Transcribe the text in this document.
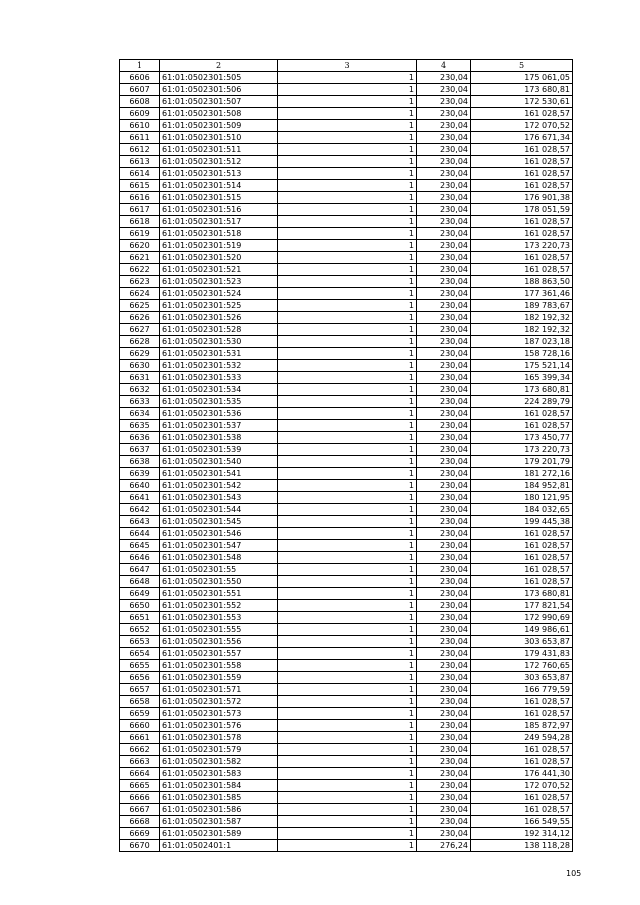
1	2	3	4	5
6606	61:01:0502301:505	1	230,04	175 061,05
6607	61:01:0502301:506	1	230,04	173 680,81
6608	61:01:0502301:507	1	230,04	172 530,61
6609	61:01:0502301:508	1	230,04	161 028,57
6610	61:01:0502301:509	1	230,04	172 070,52
6611	61:01:0502301:510	1	230,04	176 671,34
6612	61:01:0502301:511	1	230,04	161 028,57
6613	61:01:0502301:512	1	230,04	161 028,57
6614	61:01:0502301:513	1	230,04	161 028,57
6615	61:01:0502301:514	1	230,04	161 028,57
6616	61:01:0502301:515	1	230,04	176 901,38
6617	61:01:0502301:516	1	230,04	178 051,59
6618	61:01:0502301:517	1	230,04	161 028,57
6619	61:01:0502301:518	1	230,04	161 028,57
6620	61:01:0502301:519	1	230,04	173 220,73
6621	61:01:0502301:520	1	230,04	161 028,57
6622	61:01:0502301:521	1	230,04	161 028,57
6623	61:01:0502301:523	1	230,04	188 863,50
6624	61:01:0502301:524	1	230,04	177 361,46
6625	61:01:0502301:525	1	230,04	189 783,67
6626	61:01:0502301:526	1	230,04	182 192,32
6627	61:01:0502301:528	1	230,04	182 192,32
6628	61:01:0502301:530	1	230,04	187 023,18
6629	61:01:0502301:531	1	230,04	158 728,16
6630	61:01:0502301:532	1	230,04	175 521,14
6631	61:01:0502301:533	1	230,04	165 399,34
6632	61:01:0502301:534	1	230,04	173 680,81
6633	61:01:0502301:535	1	230,04	224 289,79
6634	61:01:0502301:536	1	230,04	161 028,57
6635	61:01:0502301:537	1	230,04	161 028,57
6636	61:01:0502301:538	1	230,04	173 450,77
6637	61:01:0502301:539	1	230,04	173 220,73
6638	61:01:0502301:540	1	230,04	179 201,79
6639	61:01:0502301:541	1	230,04	181 272,16
6640	61:01:0502301:542	1	230,04	184 952,81
6641	61:01:0502301:543	1	230,04	180 121,95
6642	61:01:0502301:544	1	230,04	184 032,65
6643	61:01:0502301:545	1	230,04	199 445,38
6644	61:01:0502301:546	1	230,04	161 028,57
6645	61:01:0502301:547	1	230,04	161 028,57
6646	61:01:0502301:548	1	230,04	161 028,57
6647	61:01:0502301:55	1	230,04	161 028,57
6648	61:01:0502301:550	1	230,04	161 028,57
6649	61:01:0502301:551	1	230,04	173 680,81
6650	61:01:0502301:552	1	230,04	177 821,54
6651	61:01:0502301:553	1	230,04	172 990,69
6652	61:01:0502301:555	1	230,04	149 986,61
6653	61:01:0502301:556	1	230,04	303 653,87
6654	61:01:0502301:557	1	230,04	179 431,83
6655	61:01:0502301:558	1	230,04	172 760,65
6656	61:01:0502301:559	1	230,04	303 653,87
6657	61:01:0502301:571	1	230,04	166 779,59
6658	61:01:0502301:572	1	230,04	161 028,57
6659	61:01:0502301:573	1	230,04	161 028,57
6660	61:01:0502301:576	1	230,04	185 872,97
6661	61:01:0502301:578	1	230,04	249 594,28
6662	61:01:0502301:579	1	230,04	161 028,57
6663	61:01:0502301:582	1	230,04	161 028,57
6664	61:01:0502301:583	1	230,04	176 441,30
6665	61:01:0502301:584	1	230,04	172 070,52
6666	61:01:0502301:585	1	230,04	161 028,57
6667	61:01:0502301:586	1	230,04	161 028,57
6668	61:01:0502301:587	1	230,04	166 549,55
6669	61:01:0502301:589	1	230,04	192 314,12
6670	61:01:0502401:1	1	276,24	138 118,28
105
